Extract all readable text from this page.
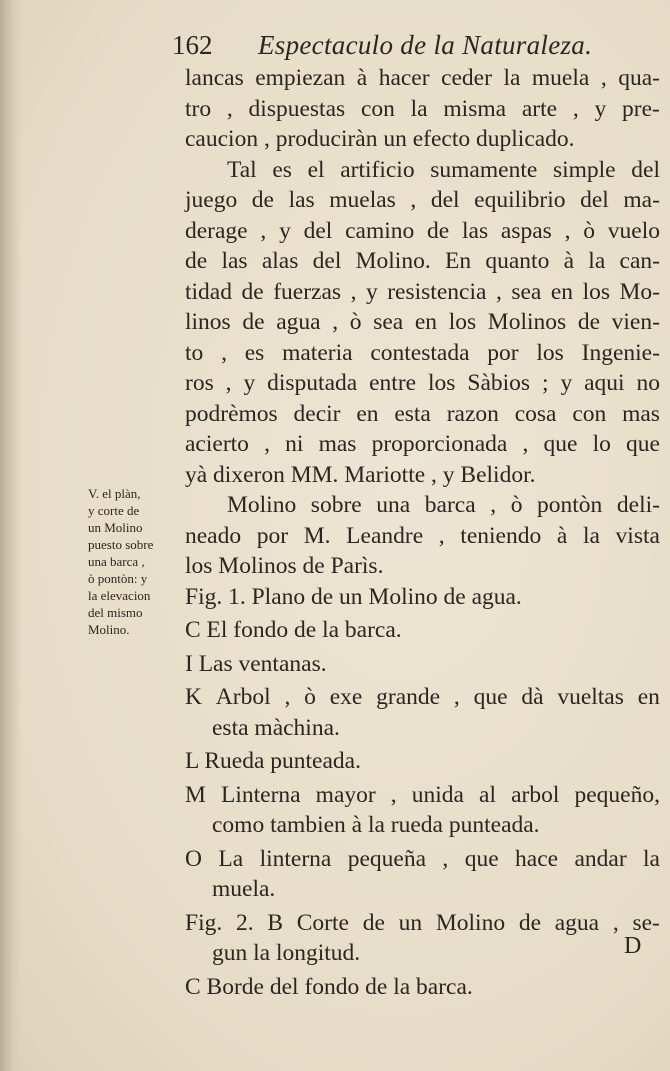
162	Espectaculo de la Naturaleza.
lancas empiezan à hacer ceder la muela , qua-
tro , dispuestas con la misma arte , y pre-
caucion , produciràn un efecto duplicado.
Tal es el artificio sumamente simple del
juego de las muelas , del equilibrio del ma-
derage , y del camino de las aspas , ò vuelo
de las alas del Molino. En quanto à la can-
tidad de fuerzas , y resistencia , sea en los Mo-
linos de agua , ò sea en los Molinos de vien-
to , es materia contestada por los Ingenie-
ros , y disputada entre los Sàbios ; y aqui no
podrèmos decir en esta razon cosa con mas
acierto , ni mas proporcionada , que lo que
yà dixeron MM. Mariotte , y Belidor.
Molino sobre una barca , ò pontòn deli-
neado por M. Leandre , teniendo à la vista
los Molinos de Parìs.
Fig. 1. Plano de un Molino de agua.
C El fondo de la barca.
I Las ventanas.
K Arbol , ò exe grande , que dà vueltas en
esta màchina.
L Rueda punteada.
M Linterna mayor , unida al arbol pequeño,
como tambien à la rueda punteada.
O La linterna pequeña , que hace andar la
muela.
Fig. 2. B Corte de un Molino de agua , se-
gun la longitud.
C Borde del fondo de la barca.
V. el plàn,
y corte de
un Molino
puesto sobre
una barca ,
ò pontòn: y
la elevacion
del mismo
Molino.
D
